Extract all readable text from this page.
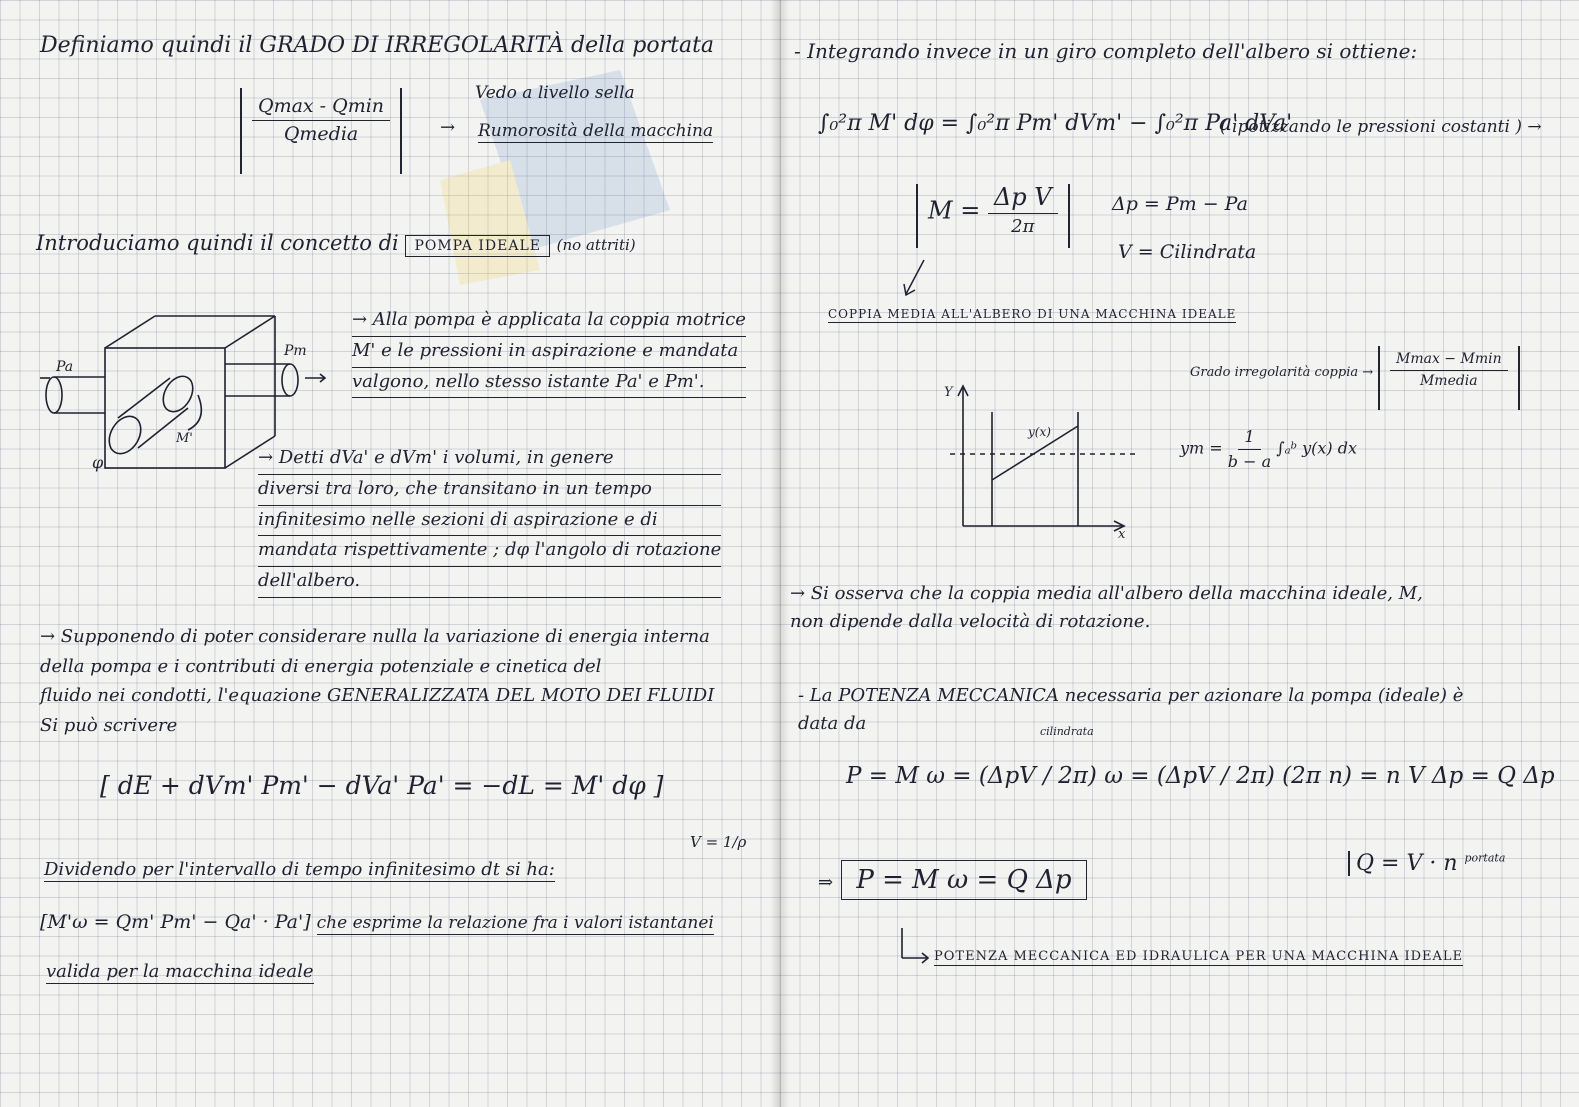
Definiamo quindi il GRADO DI IRREGOLARITÀ della portata
$\frac{Qmax - Qmin}{\text{Qmedia}}$	→
Vedo a livello sella
Rumorosità della macchina
Introduciamo quindi il concetto di POMPA IDEALE (no attriti)
Pa
Pm
φ
M'
→ Alla pompa è applicata la coppia motrice
M' e le pressioni in aspirazione e mandata
valgono, nello stesso istante Pa' e Pm'.
→ Detti dVa' e dVm' i volumi, in genere
diversi tra loro, che transitano in un tempo
infinitesimo nelle sezioni di aspirazione e di
mandata rispettivamente ; dφ l'angolo di rotazione
dell'albero.
→ Supponendo di poter considerare nulla la variazione di energia interna
della pompa e i contributi di energia potenziale e cinetica del
fluido nei condotti, l'equazione GENERALIZZATA DEL MOTO DEI FLUIDI
Si può scrivere
[ dE + dVm' Pm' − dVa' Pa' = −dL = M' dφ ]
V = 1/ρ
Dividendo per l'intervallo di tempo infinitesimo dt si ha:
[M'ω = Qm' Pm' − Qa' · Pa'] che esprime la relazione fra i valori istantanei
valida per la macchina ideale
- Integrando invece in un giro completo dell'albero si ottiene:
∫₀²π M' dφ = ∫₀²π Pm' dVm' − ∫₀²π Pa' dVa'
( ipotizzando le pressioni costanti ) →
$M = \frac{\text{Δp V}}{2\pi}$	Δp = Pm − Pa
V = Cilindrata
COPPIA MEDIA ALL'ALBERO DI UNA MACCHINA IDEALE
Grado irregolarità coppia → $\frac{Mmax - Mmin}{\text{Mmedia}}$
Y
x
y(x)
ym = $\frac{1}{b - a}$ ∫ₐᵇ y(x) dx
→ Si osserva che la coppia media all'albero della macchina ideale, M,
non dipende dalla velocità di rotazione.
- La POTENZA MECCANICA necessaria per azionare la pompa (ideale) è
data da	cilindrata
P = M ω = (ΔpV / 2π) ω = (ΔpV / 2π) (2π n) = n V Δp = Q Δp
⇒ P = M ω = Q Δp
Q = V · n $^{portata}$
POTENZA MECCANICA ED IDRAULICA PER UNA MACCHINA IDEALE
